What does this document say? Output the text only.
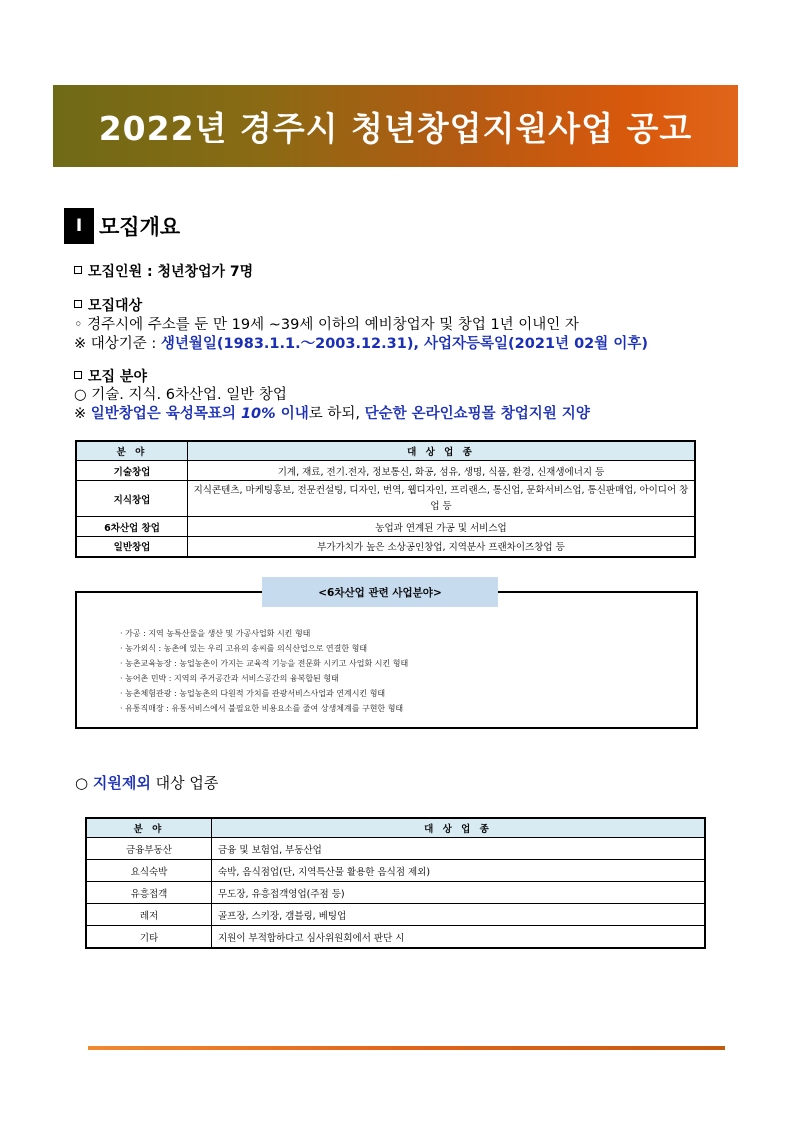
2022년 경주시 청년창업지원사업 공고
Ⅰ 모집개요
모집인원 : 청년창업가 7명
모집대상
◦ 경주시에 주소를 둔 만 19세 ~39세 이하의 예비창업자 및 창업 1년 이내인 자
※ 대상기준 : 생년월일(1983.1.1.～2003.12.31), 사업자등록일(2021년 02월 이후)
모집 분야
○ 기술. 지식. 6차산업. 일반 창업
※ 일반창업은 육성목표의 10% 이내로 하되, 단순한 온라인쇼핑몰 창업지원 지양
분 야	대 상 업 종
기술창업	기계, 재료, 전기.전자, 정보통신, 화공, 섬유, 생명, 식품, 환경, 신재생에너지 등
지식창업	지식콘텐츠, 마케팅홍보, 전문컨설팅, 디자인, 번역, 웹디자인, 프리랜스, 통신업, 문화서비스업, 통신판매업, 아이디어 창업 등
6차산업 창업	농업과 연계된 가공 및 서비스업
일반창업	부가가치가 높은 소상공인창업, 지역분사 프랜차이즈창업 등
<6차산업 관련 사업분야>
· 가공 : 지역 농특산물을 생산 및 가공사업화 시킨 형태
· 농가외식 : 농촌에 있는 우리 고유의 송씨를 의식산업으로 연결한 형태
· 농촌교육농장 : 농업농촌이 가지는 교육적 기능을 전문화 시키고 사업화 시킨 형태
· 농어촌 민박 : 지역의 주거공간과 서비스공간의 융복합된 형태
· 농촌체험관광 : 농업농촌의 다원적 가치를 관광서비스사업과 연계시킨 형태
· 유통직매장 : 유통서비스에서 불필요한 비용요소를 줄여 상생체계를 구현한 형태
○ 지원제외 대상 업종
분 야	대 상 업 종
금융부동산	금융 및 보험업, 부동산업
요식숙박	숙박, 음식점업(단, 지역특산물 활용한 음식점 제외)
유흥접객	무도장, 유흥접객영업(주점 등)
레저	골프장, 스키장, 갬블링, 베팅업
기타	지원이 부적합하다고 심사위원회에서 판단 시
